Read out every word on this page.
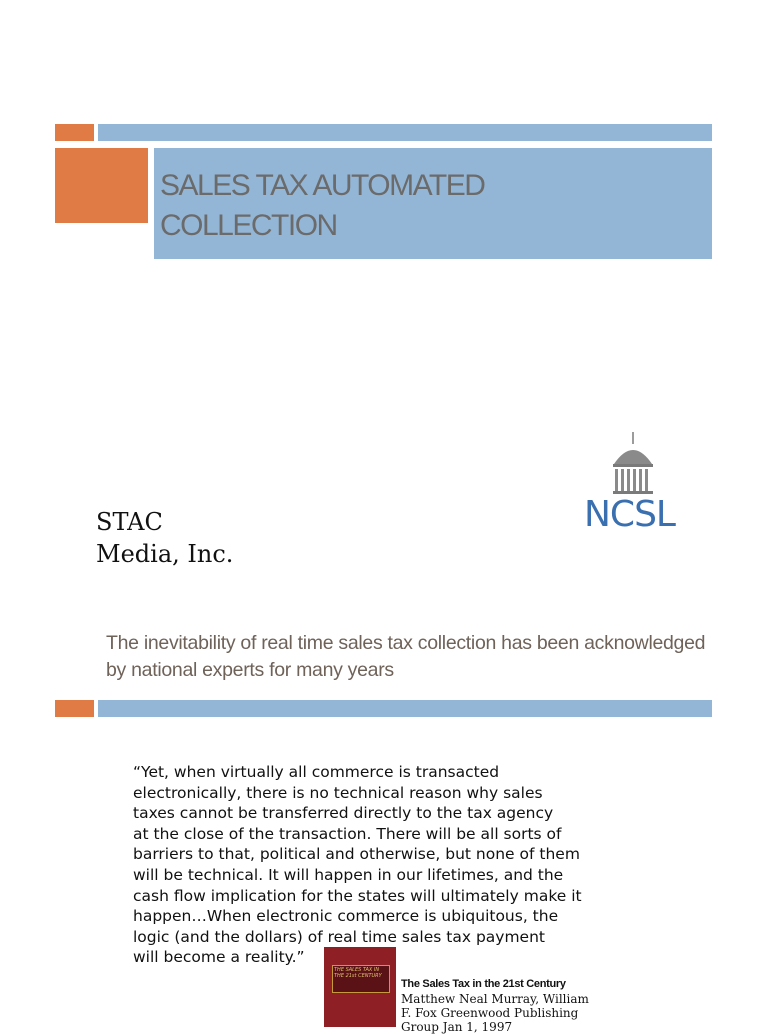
SALES TAX AUTOMATED
COLLECTION
NCSL
STAC
Media, Inc.
The inevitability of real time sales tax collection has been acknowledged by national experts for many years
“Yet, when virtually all commerce is transacted
electronically, there is no technical reason why sales
taxes cannot be transferred directly to the tax agency
at the close of the transaction. There will be all sorts of
barriers to that, political and otherwise, but none of them
will be technical. It will happen in our lifetimes, and the
cash flow implication for the states will ultimately make it
happen…When electronic commerce is ubiquitous, the
logic (and the dollars) of real time sales tax payment
will become a reality.”
THE SALES TAX IN THE 21st CENTURY
The Sales Tax in the 21st Century
Matthew Neal Murray, William F. Fox Greenwood Publishing Group Jan 1, 1997
